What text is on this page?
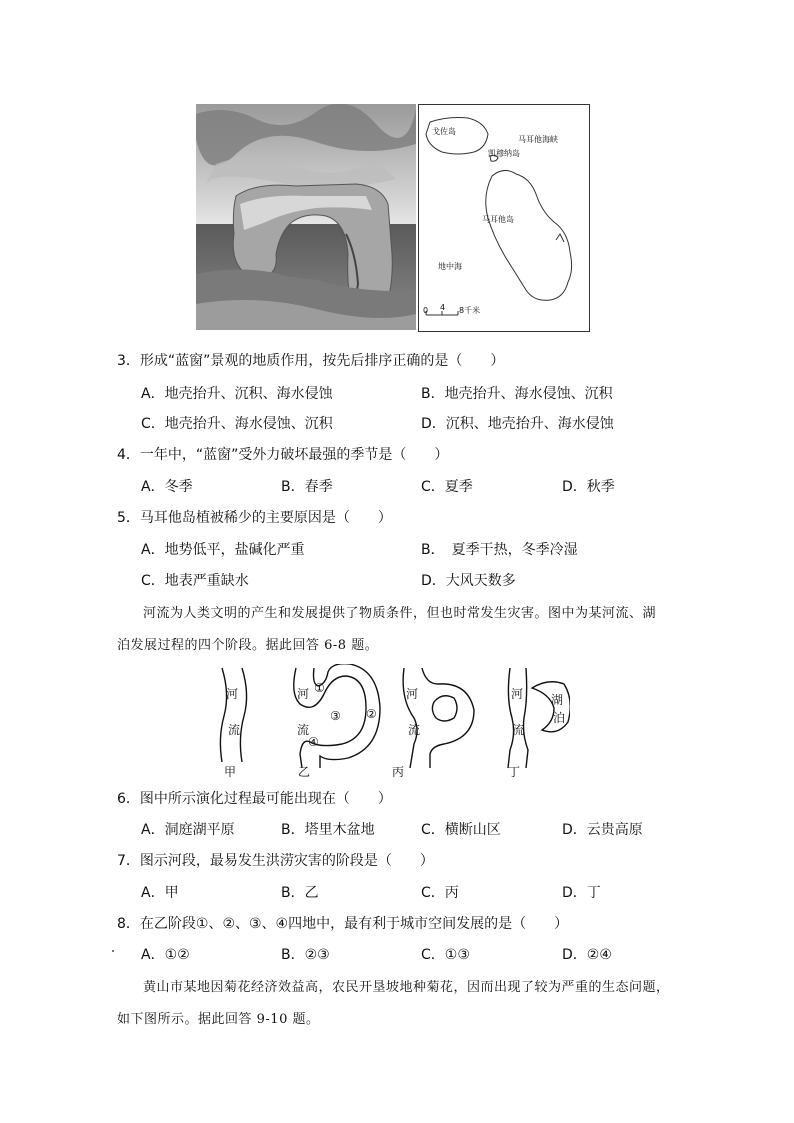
戈佐岛
马耳他海峡
凯穆纳岛
马耳他岛
地中海
0 4 8千米
3．形成“蓝窗”景观的地质作用，按先后排序正确的是（　　）
A．地壳抬升、沉积、海水侵蚀	B．地壳抬升、海水侵蚀、沉积
C．地壳抬升、海水侵蚀、沉积	D．沉积、地壳抬升、海水侵蚀
4．一年中，“蓝窗”受外力破坏最强的季节是（　　）
A．冬季	B．春季	C．夏季	D．秋季
5．马耳他岛植被稀少的主要原因是（　　）
A．地势低平，盐碱化严重	B．　夏季干热，冬季冷湿
C．地表严重缺水	D．大风天数多
河流为人类文明的产生和发展提供了物质条件，但也时常发生灾害。图中为某河流、湖
泊发展过程的四个阶段。据此回答 6-8 题。
河
流
甲
河
流
①
②
③
④
乙
河
流
丙
河
流
湖
泊
丁
6．图中所示演化过程最可能出现在（　　）
A．洞庭湖平原	B．塔里木盆地	C．横断山区	D．云贵高原
7．图示河段，最易发生洪涝灾害的阶段是（　　）
A．甲	B．乙	C．丙	D．丁
8．在乙阶段①、②、③、④四地中，最有利于城市空间发展的是（　　）
A．①②	B．②③	C．①③	D．②④
黄山市某地因菊花经济效益高，农民开垦坡地种菊花，因而出现了较为严重的生态问题，
如下图所示。据此回答 9-10 题。
